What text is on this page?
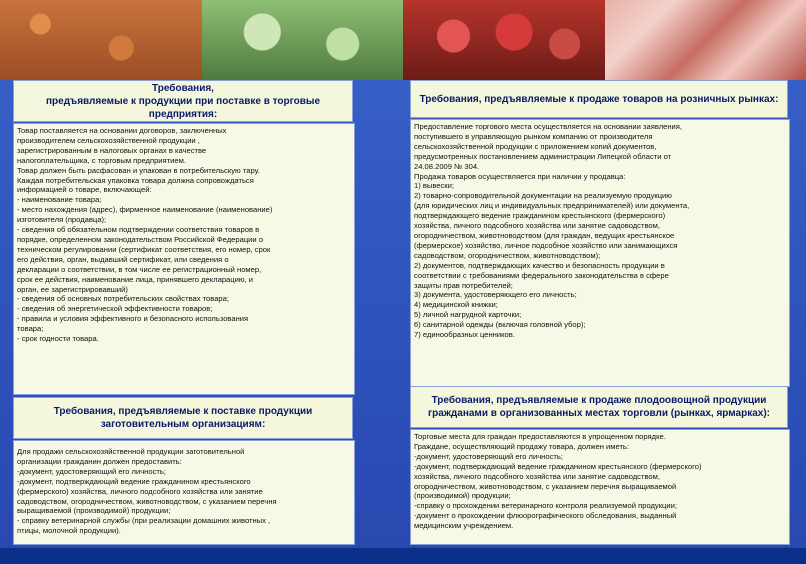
Требования,
предъявляемые к продукции при поставке в торговые предприятия:

Товар поставляется на основании договоров, заключенных

производителем сельскохозяйственной продукции ,

зарегистрированным в налоговых органах в качестве

налогоплательщика, с торговым предприятием.

Товар должен быть расфасован и упакован в потребительскую тару.

Каждая потребительская упаковка товара должна сопровождаться

информацией о товаре, включающей:

- наименование товара;

- место нахождения (адрес), фирменное наименование (наименование)

изготовителя (продавца);

- сведения об обязательном подтверждении соответствия товаров в

порядке, определенном законодательством Российской Федерации о

техническом регулировании (сертификат соответствия, его номер, срок

его действия, орган, выдавший сертификат, или сведения о

декларации о соответствии, в том числе ее регистрационный номер,

срок ее действия, наименование лица, принявшего декларацию, и

орган, ее зарегистрировавший)

- сведения об основных потребительских свойствах товара;

- сведения об энергетической эффективности товаров;

- правила и условия эффективного и безопасного использования

товара;

- срок годности товара.

Требования, предъявляемые к поставке продукции заготовительным организациям:

Для продажи сельскохозяйственной продукции заготовительной

организации гражданин должен предоставить:

-документ, удостоверяющий его личность;

-документ, подтверждающий ведение гражданином крестьянского

(фермерского) хозяйства, личного подсобного хозяйства или занятие

садоводством, огородничеством, животноводством, с указанием перечня

выращиваемой (производимой) продукции;

- справку ветеринарной службы (при реализации домашних животных ,

птицы, молочной продукции).

Требования, предъявляемые к продаже товаров на розничных рынках:

Предоставление торгового места осуществляется на основании заявления,

поступившего в управляющую рынком компанию от производителя

сельскохозяйственной продукции с приложением копий документов,

предусмотренных постановлением администрации Липецкой области от

24.08.2009 № 304.

Продажа товаров осуществляется при наличии у продавца:

1) вывески;

2) товарно-сопроводительной документации на реализуемую продукцию

(для юридических лиц и индивидуальных предпринимателей) или документа,

подтверждающего ведение гражданином крестьянского (фермерского)

хозяйства, личного подсобного хозяйства или занятие садоводством,

огородничеством, животноводством (для граждан, ведущих крестьянское

(фермерское) хозяйство, личное подсобное хозяйство или занимающихся

садоводством, огородничеством, животноводством);

2) документов, подтверждающих качество и безопасность продукции в

соответствии с требованиями федерального законодательства в сфере

защиты прав потребителей;

3) документа, удостоверяющего его личность;

4) медицинской книжки;

5) личной нагрудной карточки;

6) санитарной одежды (включая головной убор);

7) единообразных ценников.

Требования, предъявляемые к продаже плодоовощной продукции гражданами в организованных местах торговли (рынках, ярмарках):

Торговые места для граждан предоставляются в упрощенном порядке.

Граждане, осуществляющий продажу товара, должен иметь:

-документ, удостоверяющий его личность;

-документ, подтверждающий ведение гражданином крестьянского (фермерского)

хозяйства, личного подсобного хозяйства или занятие садоводством,

огородничеством, животноводством, с указанием перечня выращиваемой

(производимой) продукции;

-справку о прохождении ветеринарного контроля реализуемой продукции;

-документ о прохождении флюорографического обследования, выданный

медицинским учреждением.
